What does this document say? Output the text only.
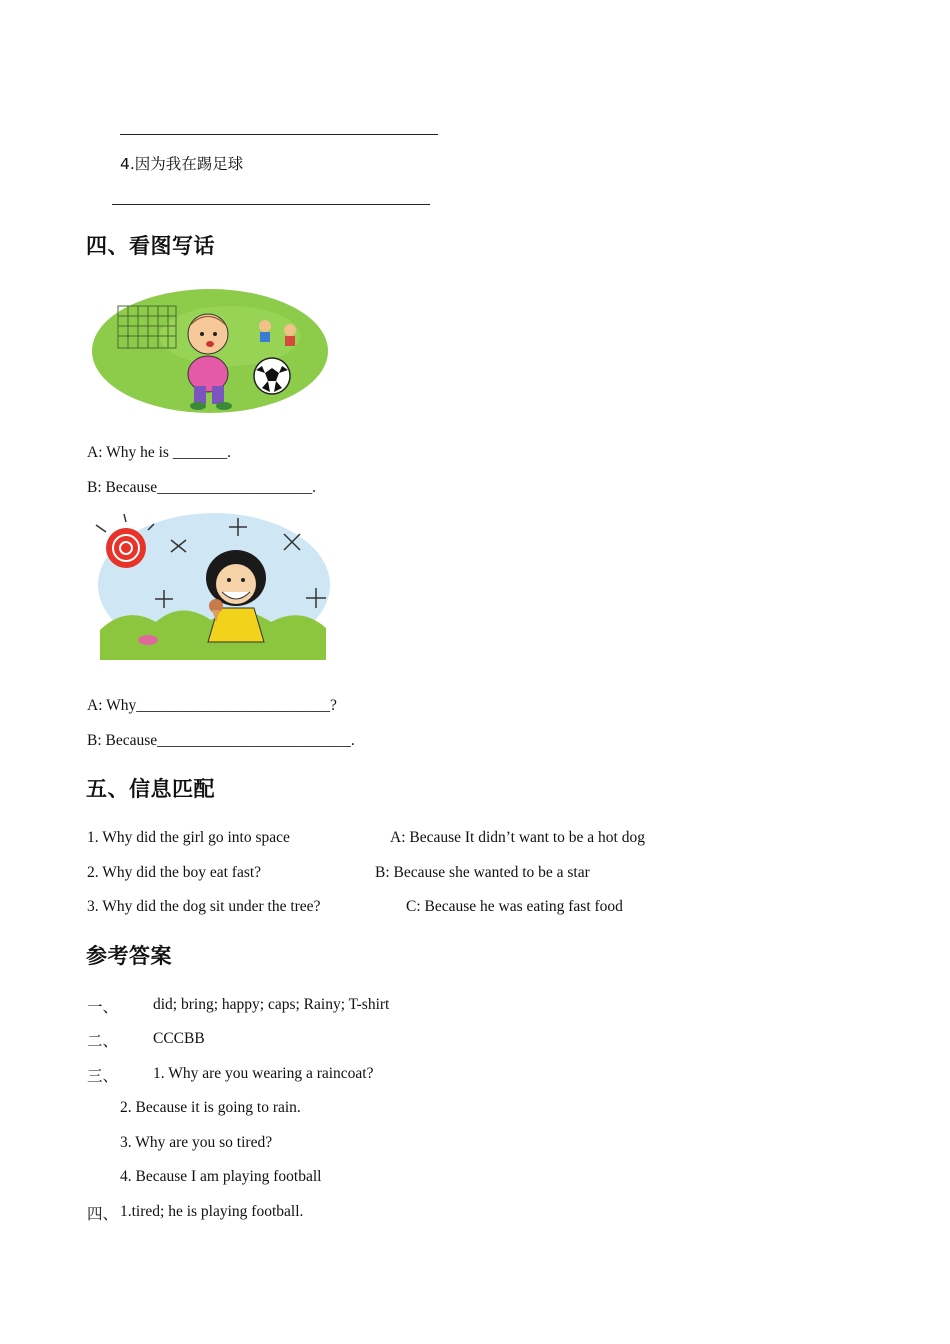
4.因为我在踢足球
四、看图写话
A: Why he is _______.
B: Because____________________.
A: Why_________________________?
B: Because_________________________.
五、信息匹配
1. Why did the girl go into space	A: Because It didn’t want to be a hot dog
2. Why did the boy eat fast?	B: Because she wanted to be a star
3. Why did the dog sit under the tree?	C: Because he was eating fast food
参考答案
一、 did; bring; happy; caps; Rainy; T-shirt
二、 CCCBB
三、 1. Why are you wearing a raincoat?
2. Because it is going to rain.
3. Why are you so tired?
4. Because I am playing football
四、 1.tired; he is playing football.
